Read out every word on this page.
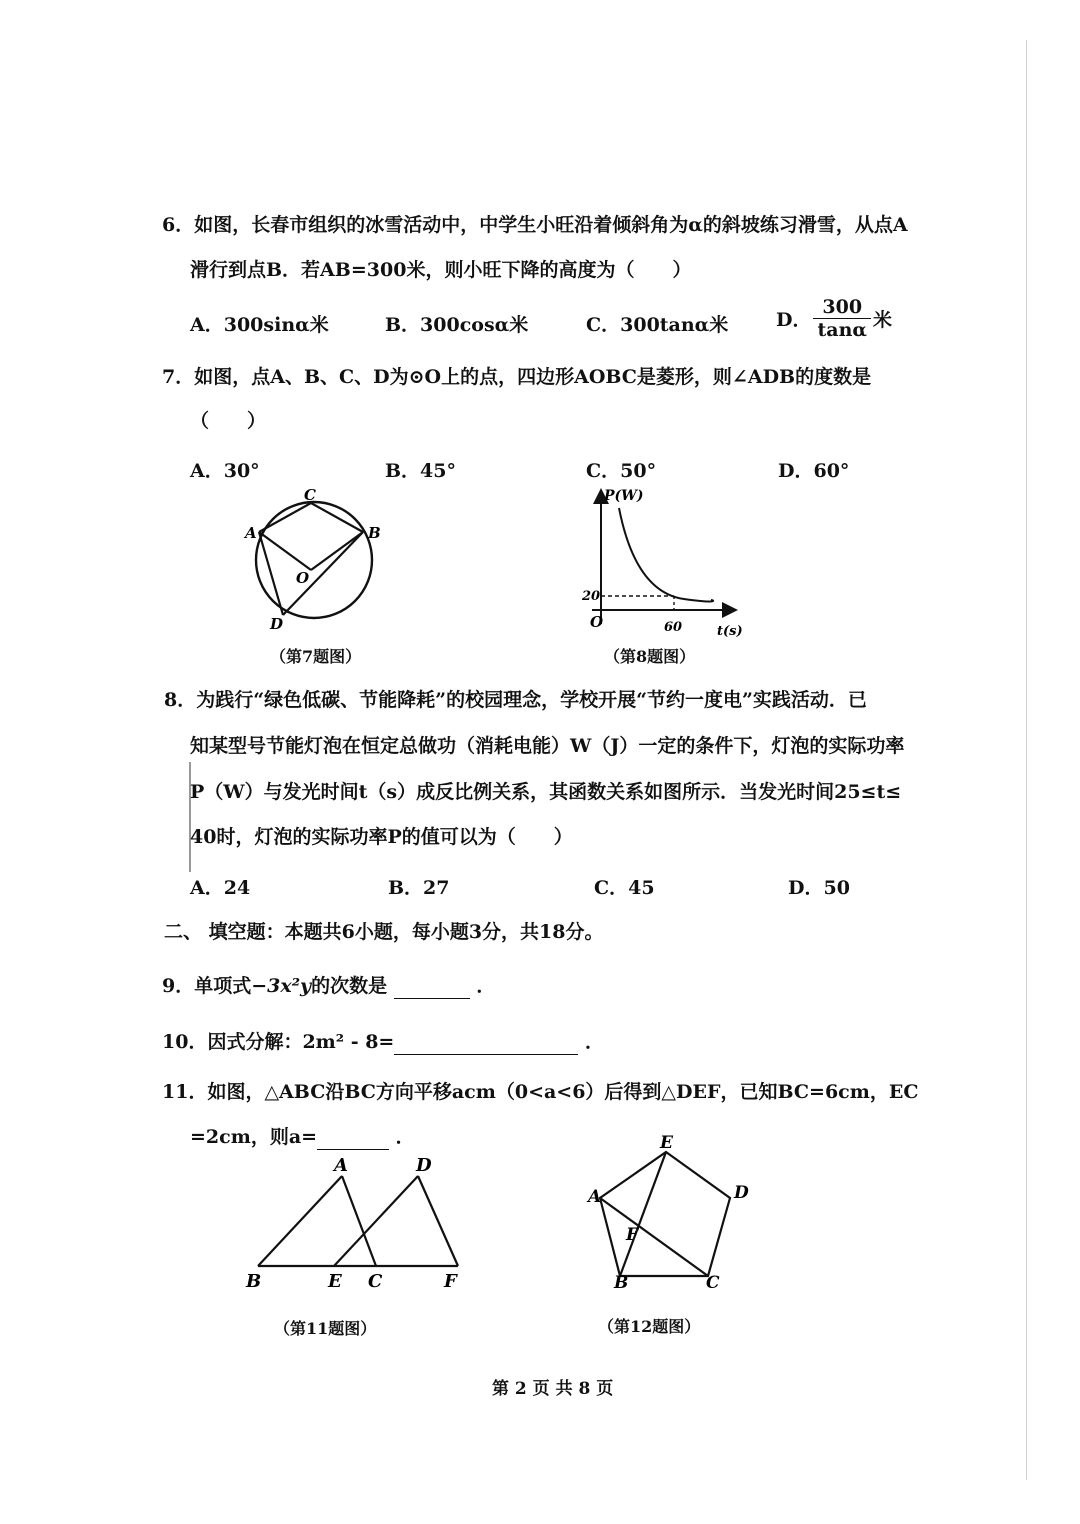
6．如图，长春市组织的冰雪活动中，中学生小旺沿着倾斜角为α的斜坡练习滑雪，从点A
滑行到点B．若AB=300米，则小旺下降的高度为（　　）
A．300sinα米	B．300cosα米	C．300tanα米	D． $\frac{300}{\tan\alpha}$ 米
7．如图，点A、B、C、D为⊙O上的点，四边形AOBC是菱形，则∠ADB的度数是
（　　）
A．30°	B．45°	C．50°	D．60°
C
A	B
O
D
（第7题图）
P(W)
t(s)
O
20
60
（第8题图）
8．为践行“绿色低碳、节能降耗”的校园理念，学校开展“节约一度电”实践活动．已
知某型号节能灯泡在恒定总做功（消耗电能）W（J）一定的条件下，灯泡的实际功率
P（W）与发光时间t（s）成反比例关系，其函数关系如图所示．当发光时间25≤t≤
40时，灯泡的实际功率P的值可以为（　　）
A．24	B．27	C．45	D．50
二、 填空题：本题共6小题，每小题3分，共18分。
9．单项式−3x²y的次数是	．
10．因式分解：2m² - 8=	．
11．如图，△ABC沿BC方向平移acm（0<a<6）后得到△DEF，已知BC=6cm，EC
=2cm，则a=	．
A	D
B	E C	F
（第11题图）
E
A	D
F
B	C
（第12题图）
第 2 页 共 8 页
